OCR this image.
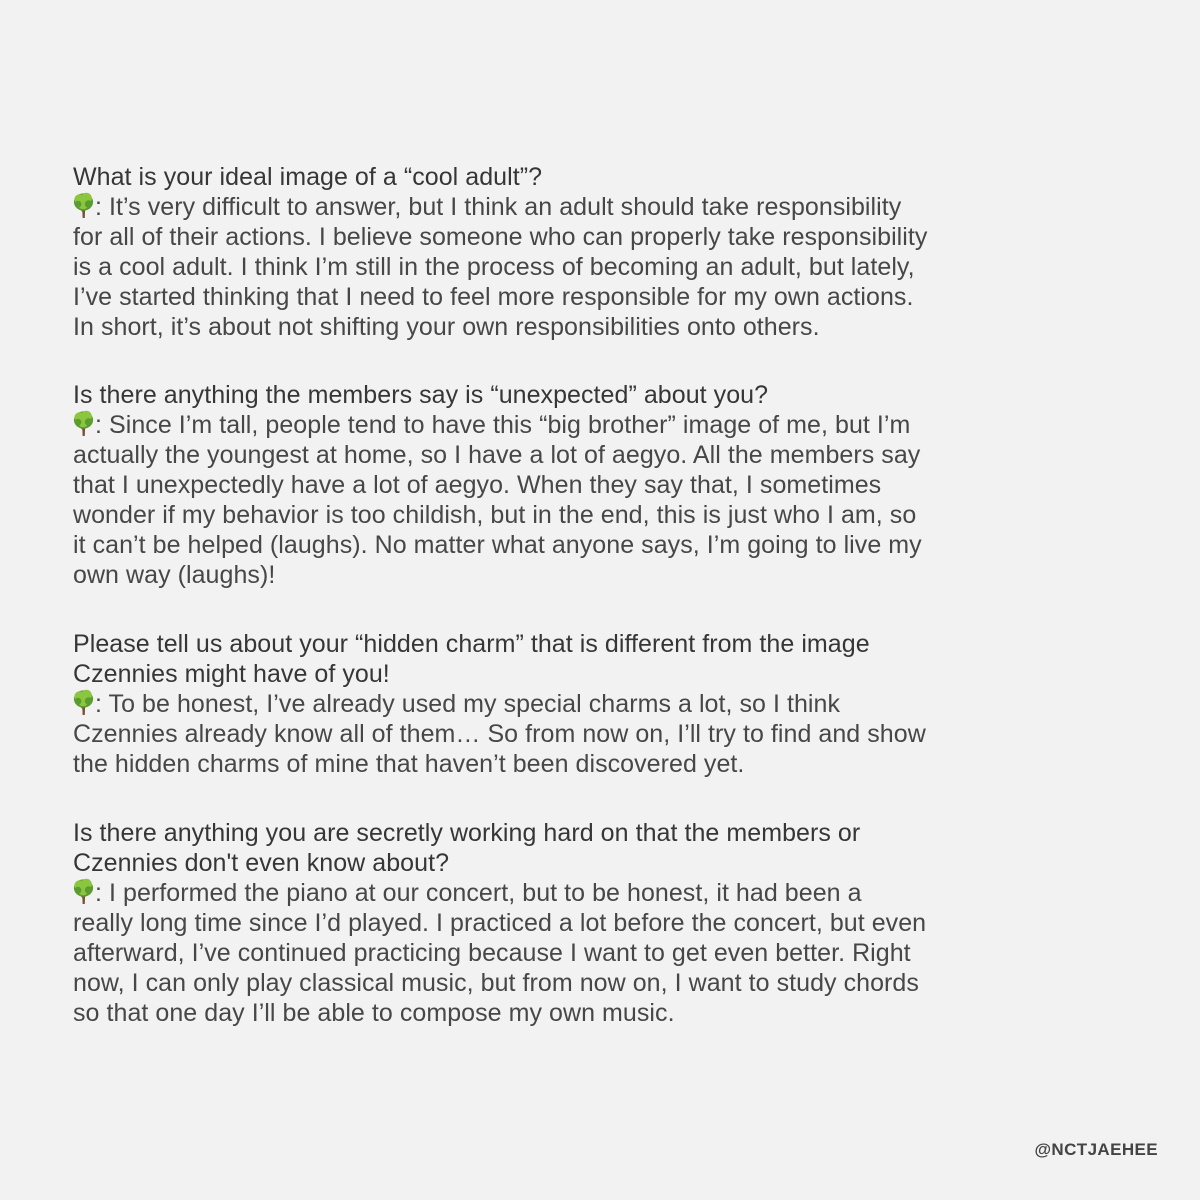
What is your ideal image of a “cool adult”?
: It’s very difficult to answer, but I think an adult should take responsibility
for all of their actions. I believe someone who can properly take responsibility
is a cool adult. I think I’m still in the process of becoming an adult, but lately,
I’ve started thinking that I need to feel more responsible for my own actions.
In short, it’s about not shifting your own responsibilities onto others.
Is there anything the members say is “unexpected” about you?
: Since I’m tall, people tend to have this “big brother” image of me, but I’m
actually the youngest at home, so I have a lot of aegyo. All the members say
that I unexpectedly have a lot of aegyo. When they say that, I sometimes
wonder if my behavior is too childish, but in the end, this is just who I am, so
it can’t be helped (laughs). No matter what anyone says, I’m going to live my
own way (laughs)!
Please tell us about your “hidden charm” that is different from the image
Czennies might have of you!
: To be honest, I’ve already used my special charms a lot, so I think
Czennies already know all of them… So from now on, I’ll try to find and show
the hidden charms of mine that haven’t been discovered yet.
Is there anything you are secretly working hard on that the members or
Czennies don't even know about?
: I performed the piano at our concert, but to be honest, it had been a
really long time since I’d played. I practiced a lot before the concert, but even
afterward, I’ve continued practicing because I want to get even better. Right
now, I can only play classical music, but from now on, I want to study chords
so that one day I’ll be able to compose my own music.
@NCTJAEHEE
